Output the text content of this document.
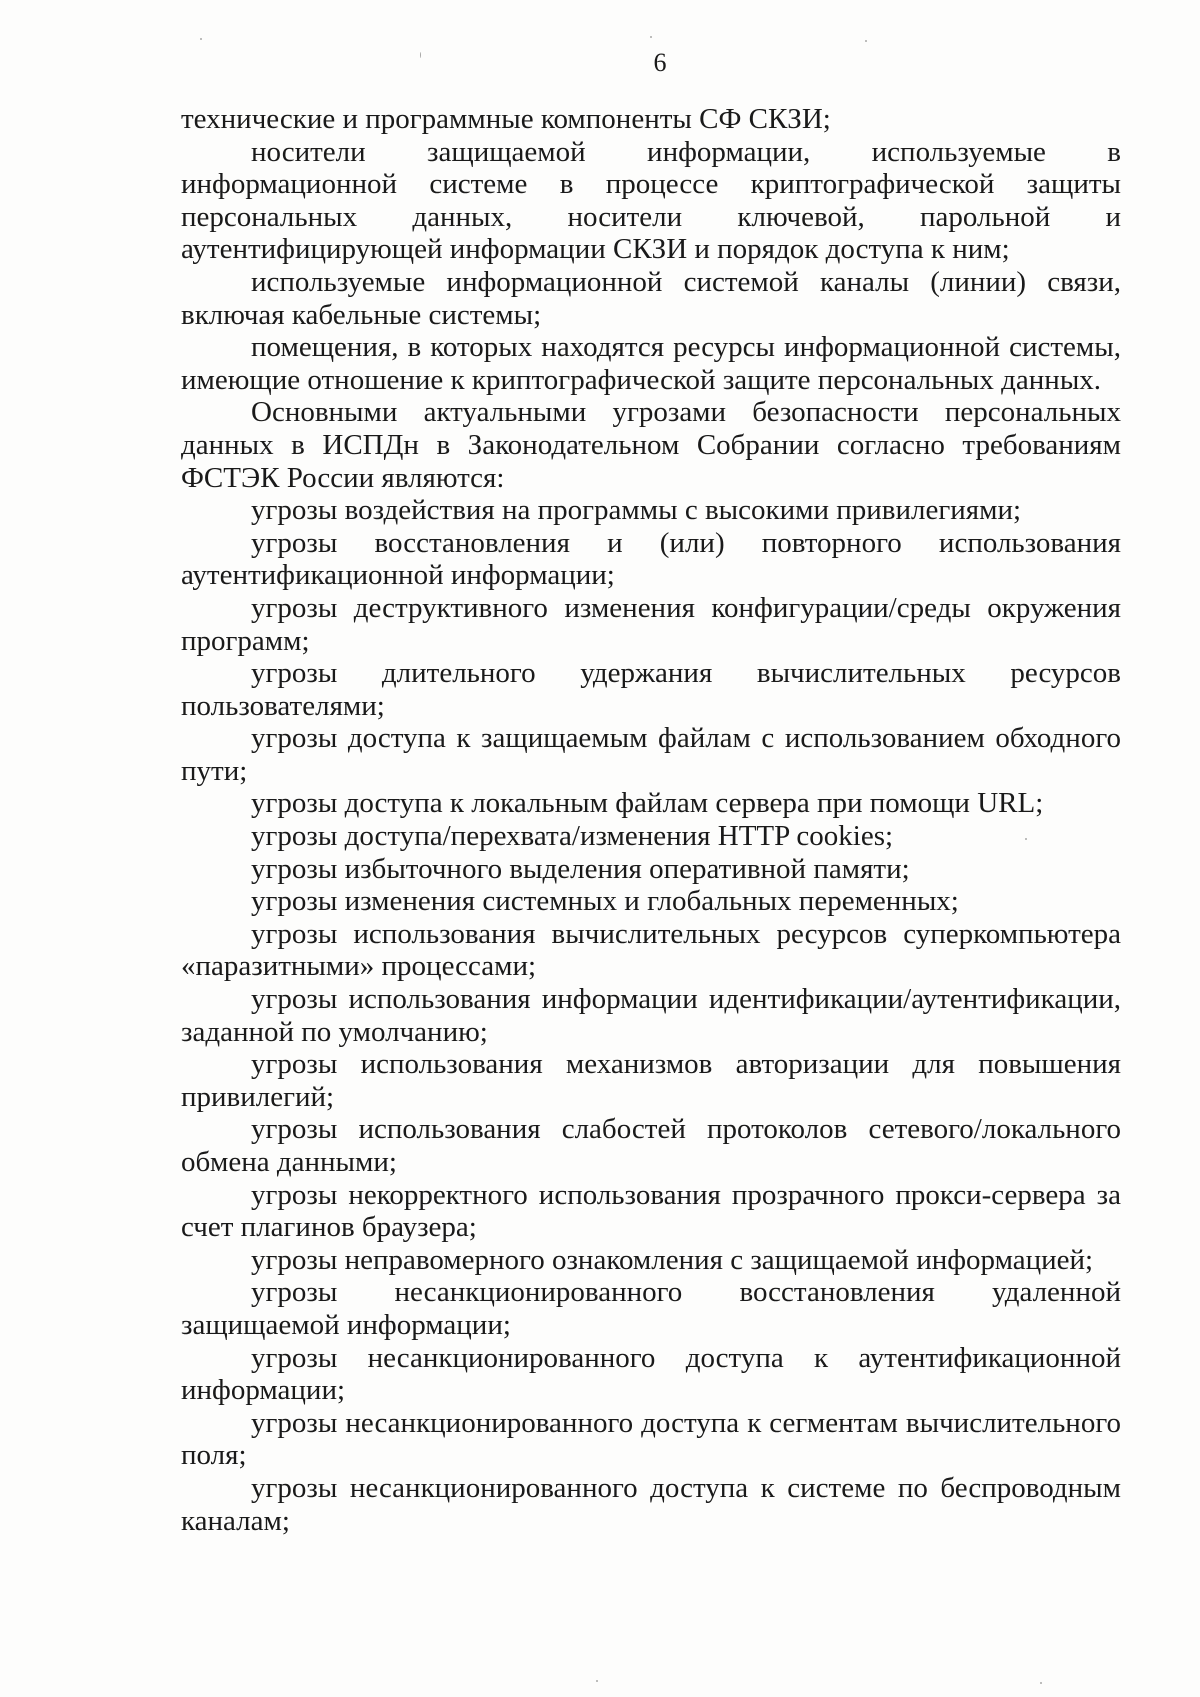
6

технические и программные компоненты СФ СКЗИ;

носители защищаемой информации, используемые в информационной системе в процессе криптографической защиты персональных данных, носители ключевой, парольной и аутентифицирующей информации СКЗИ и порядок доступа к ним;

используемые информационной системой каналы (линии) связи, включая кабельные системы;

помещения, в которых находятся ресурсы информационной системы, имеющие отношение к криптографической защите персональных данных.

Основными актуальными угрозами безопасности персональных данных в ИСПДн в Законодательном Собрании согласно требованиям ФСТЭК России являются:

угрозы воздействия на программы с высокими привилегиями;

угрозы восстановления и (или) повторного использования аутентификационной информации;

угрозы деструктивного изменения конфигурации/среды окружения программ;

угрозы длительного удержания вычислительных ресурсов пользователями;

угрозы доступа к защищаемым файлам с использованием обходного пути;

угрозы доступа к локальным файлам сервера при помощи URL;

угрозы доступа/перехвата/изменения HTTP cookies;

угрозы избыточного выделения оперативной памяти;

угрозы изменения системных и глобальных переменных;

угрозы использования вычислительных ресурсов суперкомпьютера «паразитными» процессами;

угрозы использования информации идентификации/аутентификации, заданной по умолчанию;

угрозы использования механизмов авторизации для повышения привилегий;

угрозы использования слабостей протоколов сетевого/локального обмена данными;

угрозы некорректного использования прозрачного прокси-сервера за счет плагинов браузера;

угрозы неправомерного ознакомления с защищаемой информацией;

угрозы несанкционированного восстановления удаленной защищаемой информации;

угрозы несанкционированного доступа к аутентификационной информации;

угрозы несанкционированного доступа к сегментам вычислительного поля;

угрозы несанкционированного доступа к системе по беспроводным каналам;
